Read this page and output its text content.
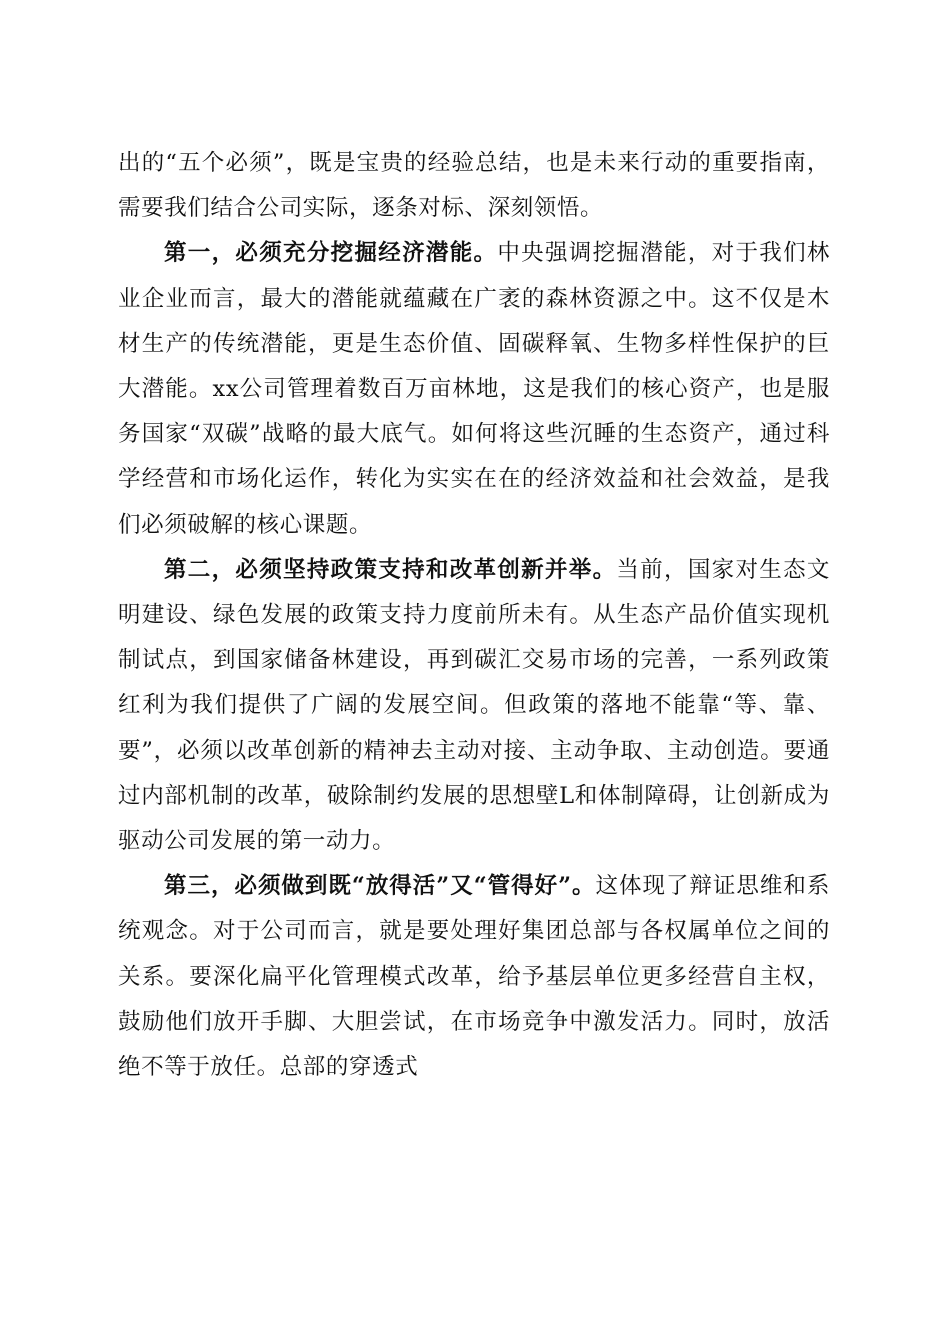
出的“五个必须”，既是宝贵的经验总结，也是未来行动的重要指南，需要我们结合公司实际，逐条对标、深刻领悟。

第一，必须充分挖掘经济潜能。中央强调挖掘潜能，对于我们林业企业而言，最大的潜能就蕴藏在广袤的森林资源之中。这不仅是木材生产的传统潜能，更是生态价值、固碳释氧、生物多样性保护的巨大潜能。xx公司管理着数百万亩林地，这是我们的核心资产，也是服务国家“双碳”战略的最大底气。如何将这些沉睡的生态资产，通过科学经营和市场化运作，转化为实实在在的经济效益和社会效益，是我们必须破解的核心课题。

第二，必须坚持政策支持和改革创新并举。当前，国家对生态文明建设、绿色发展的政策支持力度前所未有。从生态产品价值实现机制试点，到国家储备林建设，再到碳汇交易市场的完善，一系列政策红利为我们提供了广阔的发展空间。但政策的落地不能靠“等、靠、要”，必须以改革创新的精神去主动对接、主动争取、主动创造。要通过内部机制的改革，破除制约发展的思想壁Ⅼ和体制障碍，让创新成为驱动公司发展的第一动力。

第三，必须做到既“放得活”又“管得好”。这体现了辩证思维和系统观念。对于公司而言，就是要处理好集团总部与各权属单位之间的关系。要深化扁平化管理模式改革，给予基层单位更多经营自主权，鼓励他们放开手脚、大胆尝试，在市场竞争中激发活力。同时，放活绝不等于放任。总部的穿透式
